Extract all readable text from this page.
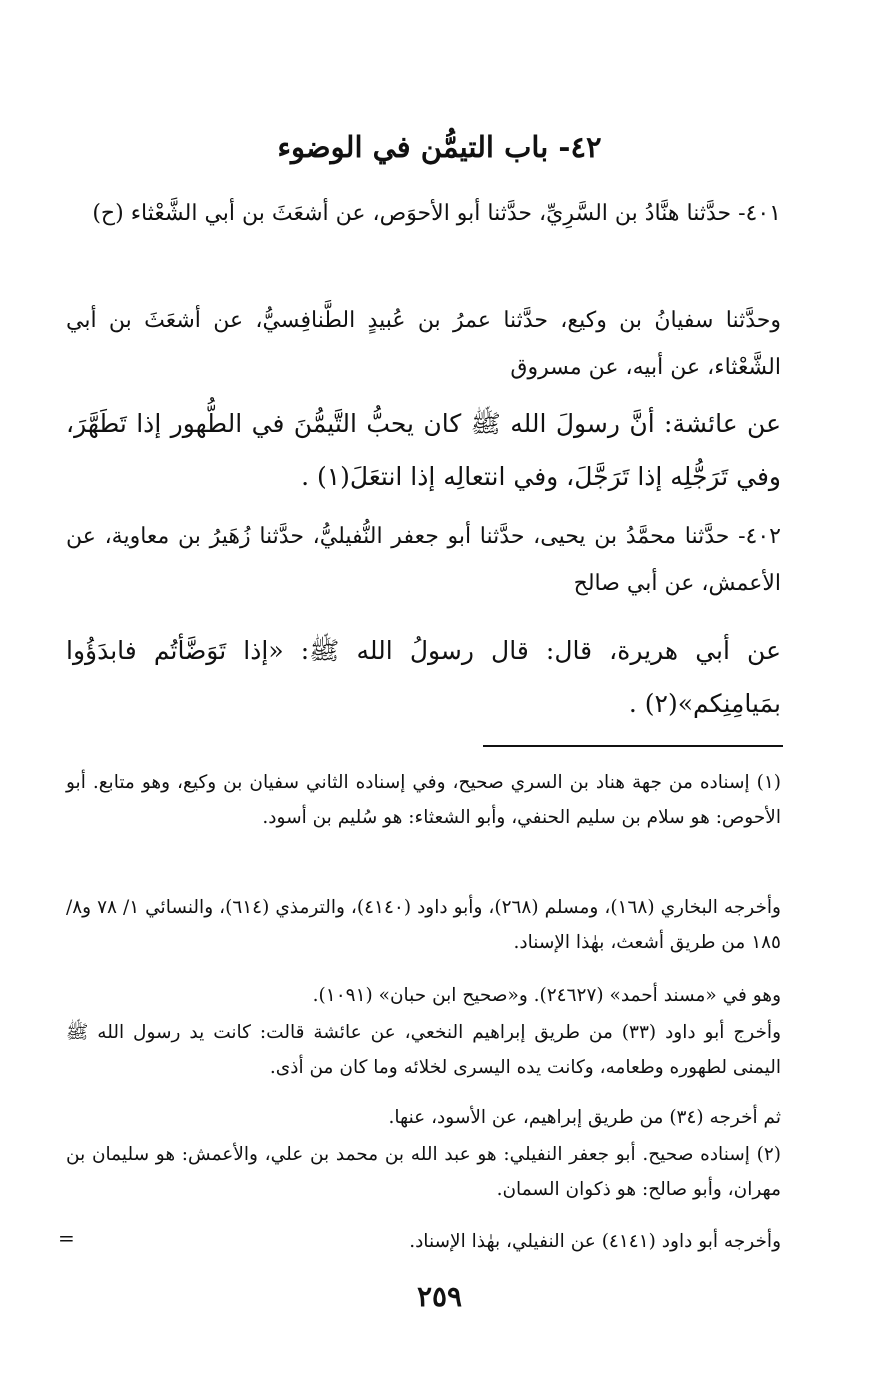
٤٢- باب التيمُّن في الوضوء
٤٠١- حدَّثنا هنَّادُ بن السَّرِيِّ، حدَّثنا أبو الأحوَص، عن أشعَثَ بن أبي الشَّعْثاء (ح)
وحدَّثنا سفيانُ بن وكيع، حدَّثنا عمرُ بن عُبيدٍ الطَّنافِسيُّ، عن أشعَثَ بن أبي الشَّعْثاء، عن أبيه، عن مسروق
عن عائشة: أنَّ رسولَ الله ﷺ كان يحبُّ التَّيمُّنَ في الطُّهور إذا تَطَهَّرَ، وفي تَرَجُّلِه إذا تَرَجَّلَ، وفي انتعالِه إذا انتعَلَ(١) .
٤٠٢- حدَّثنا محمَّدُ بن يحيى، حدَّثنا أبو جعفر النُّفيليُّ، حدَّثنا زُهَيرُ بن معاوية، عن الأعمش، عن أبي صالح
عن أبي هريرة، قال: قال رسولُ الله ﷺ: «إذا تَوَضَّأتُم فابدَؤُوا بمَيامِنِكم»(٢) .
(١) إسناده من جهة هناد بن السري صحيح، وفي إسناده الثاني سفيان بن وكيع، وهو متابع. أبو الأحوص: هو سلام بن سليم الحنفي، وأبو الشعثاء: هو سُليم بن أسود.
وأخرجه البخاري (١٦٨)، ومسلم (٢٦٨)، وأبو داود (٤١٤٠)، والترمذي (٦١٤)، والنسائي ١/ ٧٨ و٨/ ١٨٥ من طريق أشعث، بهٰذا الإسناد.
وهو في «مسند أحمد» (٢٤٦٢٧). و«صحيح ابن حبان» (١٠٩١).
وأخرج أبو داود (٣٣) من طريق إبراهيم النخعي، عن عائشة قالت: كانت يد رسول الله ﷺ اليمنى لطهوره وطعامه، وكانت يده اليسرى لخلائه وما كان من أذى.
ثم أخرجه (٣٤) من طريق إبراهيم، عن الأسود، عنها.
(٢) إسناده صحيح. أبو جعفر النفيلي: هو عبد الله بن محمد بن علي، والأعمش: هو سليمان بن مهران، وأبو صالح: هو ذكوان السمان.
وأخرجه أبو داود (٤١٤١) عن النفيلي، بهٰذا الإسناد.
=
٢٥٩
